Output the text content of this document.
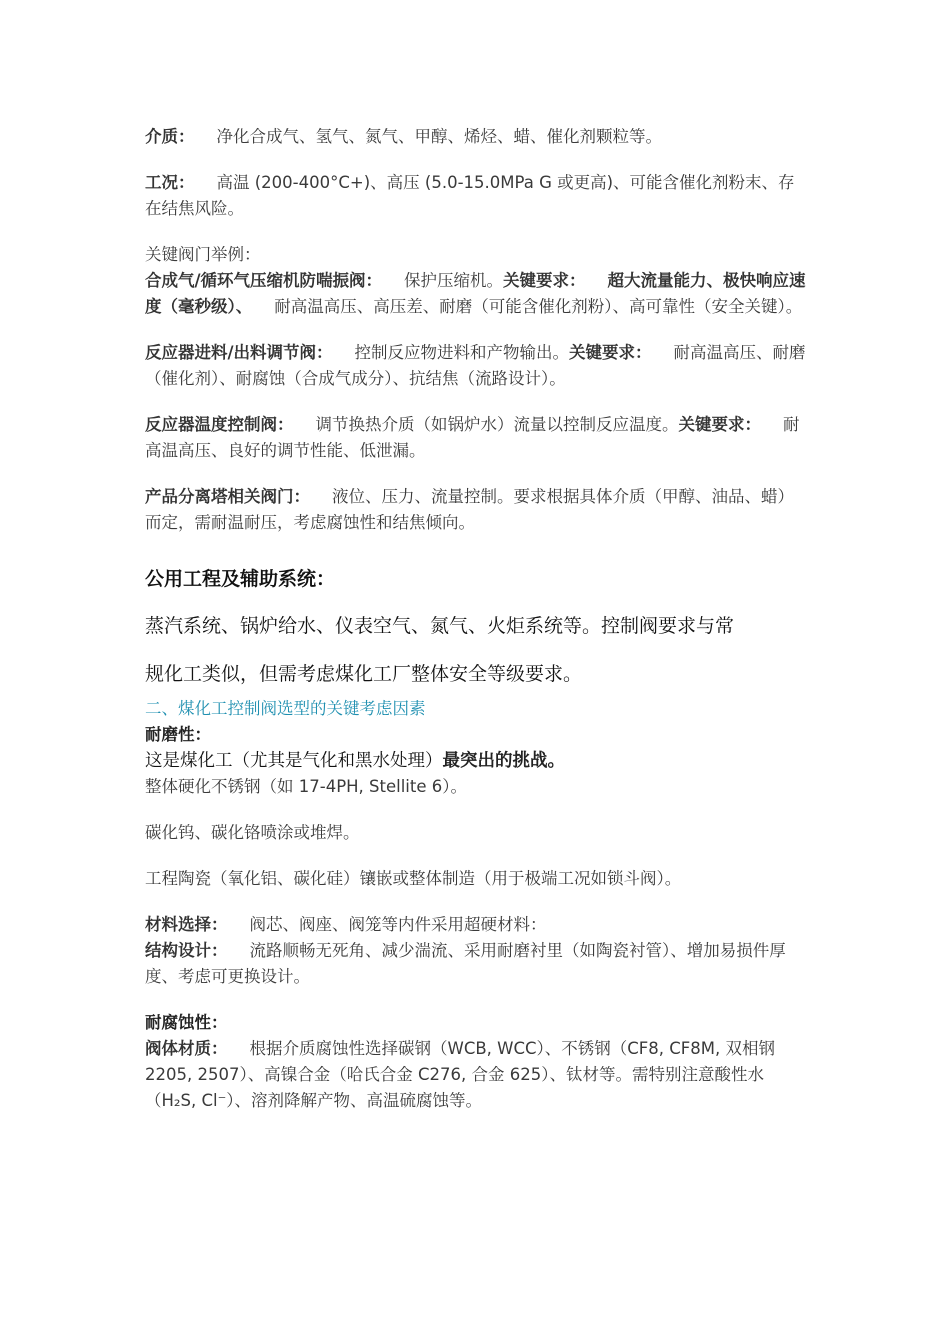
介质： 净化合成气、氢气、氮气、甲醇、烯烃、蜡、催化剂颗粒等。

工况： 高温 (200-400°C+)、高压 (5.0-15.0MPa G 或更高)、可能含催化剂粉末、存在结焦风险。

关键阀门举例：

合成气/循环气压缩机防喘振阀： 保护压缩机。关键要求： 超大流量能力、极快响应速度（毫秒级）、 耐高温高压、高压差、耐磨（可能含催化剂粉）、高可靠性（安全关键）。

反应器进料/出料调节阀： 控制反应物进料和产物输出。关键要求： 耐高温高压、耐磨（催化剂）、耐腐蚀（合成气成分）、抗结焦（流路设计）。

反应器温度控制阀： 调节换热介质（如锅炉水）流量以控制反应温度。关键要求： 耐高温高压、良好的调节性能、低泄漏。

产品分离塔相关阀门： 液位、压力、流量控制。要求根据具体介质（甲醇、油品、蜡）而定，需耐温耐压，考虑腐蚀性和结焦倾向。

公用工程及辅助系统：

蒸汽系统、锅炉给水、仪表空气、氮气、火炬系统等。控制阀要求与常

规化工类似，但需考虑煤化工厂整体安全等级要求。

二、煤化工控制阀选型的关键考虑因素

耐磨性：

这是煤化工（尤其是气化和黑水处理）最突出的挑战。

整体硬化不锈钢（如 17-4PH, Stellite 6）。

碳化钨、碳化铬喷涂或堆焊。

工程陶瓷（氧化铝、碳化硅）镶嵌或整体制造（用于极端工况如锁斗阀）。

材料选择： 阀芯、阀座、阀笼等内件采用超硬材料：

结构设计： 流路顺畅无死角、减少湍流、采用耐磨衬里（如陶瓷衬管）、增加易损件厚度、考虑可更换设计。

耐腐蚀性：

阀体材质： 根据介质腐蚀性选择碳钢（WCB, WCC）、不锈钢（CF8, CF8M, 双相钢 2205, 2507）、高镍合金（哈氏合金 C276, 合金 625）、钛材等。需特别注意酸性水（H₂S, Cl⁻）、溶剂降解产物、高温硫腐蚀等。
